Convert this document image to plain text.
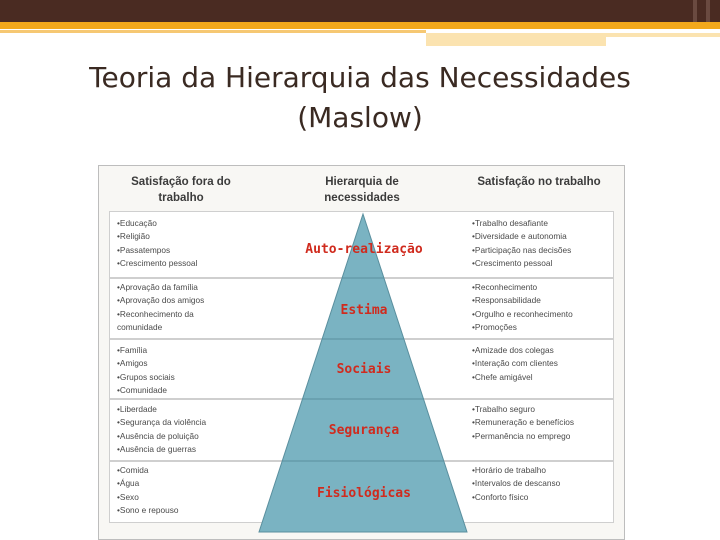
Teoria da Hierarquia das Necessidades
(Maslow)
Satisfação fora do trabalho
Hierarquia de necessidades
Satisfação no trabalho
Auto-realização
Estima
Sociais
Segurança
Fisiológicas
•Educação
•Religião
•Passatempos
•Crescimento pessoal
•Trabalho desafiante
•Diversidade e autonomia
•Participação nas decisões
•Crescimento pessoal
•Aprovação da família
•Aprovação dos amigos
•Reconhecimento da
comunidade
•Reconhecimento
•Responsabilidade
•Orgulho e reconhecimento
•Promoções
•Família
•Amigos
•Grupos sociais
•Comunidade
•Amizade dos colegas
•Interação com clientes
•Chefe amigável
•Liberdade
•Segurança da violência
•Ausência de poluição
•Ausência de guerras
•Trabalho seguro
•Remuneração e benefícios
•Permanência no emprego
•Comida
•Água
•Sexo
•Sono e repouso
•Horário de trabalho
•Intervalos de descanso
•Conforto físico
